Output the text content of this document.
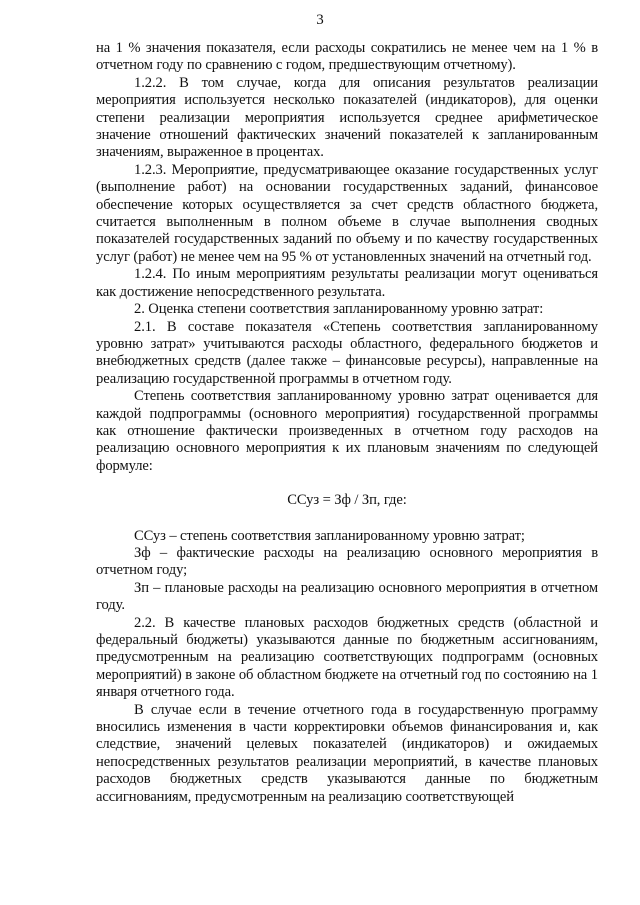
3

на 1 % значения показателя, если расходы сократились не менее чем на 1 % в отчетном году по сравнению с годом, предшествующим отчетному).

1.2.2. В том случае, когда для описания результатов реализации мероприятия используется несколько показателей (индикаторов), для оценки степени реализации мероприятия используется среднее арифметическое значение отношений фактических значений показателей к запланированным значениям, выраженное в процентах.

1.2.3. Мероприятие, предусматривающее оказание государственных услуг (выполнение работ) на основании государственных заданий, финансовое обеспечение которых осуществляется за счет средств областного бюджета, считается выполненным в полном объеме в случае выполнения сводных показателей государственных заданий по объему и по качеству государственных услуг (работ) не менее чем на 95 % от установленных значений на отчетный год.

1.2.4. По иным мероприятиям результаты реализации могут оцениваться как достижение непосредственного результата.

2. Оценка степени соответствия запланированному уровню затрат:

2.1. В составе показателя «Степень соответствия запланированному уровню затрат» учитываются расходы областного, федерального бюджетов и внебюджетных средств (далее также – финансовые ресурсы), направленные на реализацию государственной программы в отчетном году.

Степень соответствия запланированному уровню затрат оценивается для каждой подпрограммы (основного мероприятия) государственной программы как отношение фактически произведенных в отчетном году расходов на реализацию основного мероприятия к их плановым значениям по следующей формуле:

ССуз = Зф / Зп, где:

ССуз – степень соответствия запланированному уровню затрат;

Зф – фактические расходы на реализацию основного мероприятия в отчетном году;

Зп – плановые расходы на реализацию основного мероприятия в отчетном году.

2.2. В качестве плановых расходов бюджетных средств (областной и федеральный бюджеты) указываются данные по бюджетным ассигнованиям, предусмотренным на реализацию соответствующих подпрограмм (основных мероприятий) в законе об областном бюджете на отчетный год по состоянию на 1 января отчетного года.

В случае если в течение отчетного года в государственную программу вносились изменения в части корректировки объемов финансирования и, как следствие, значений целевых показателей (индикаторов) и ожидаемых непосредственных результатов реализации мероприятий, в качестве плановых расходов бюджетных средств указываются данные по бюджетным ассигнованиям, предусмотренным на реализацию соответствующей
